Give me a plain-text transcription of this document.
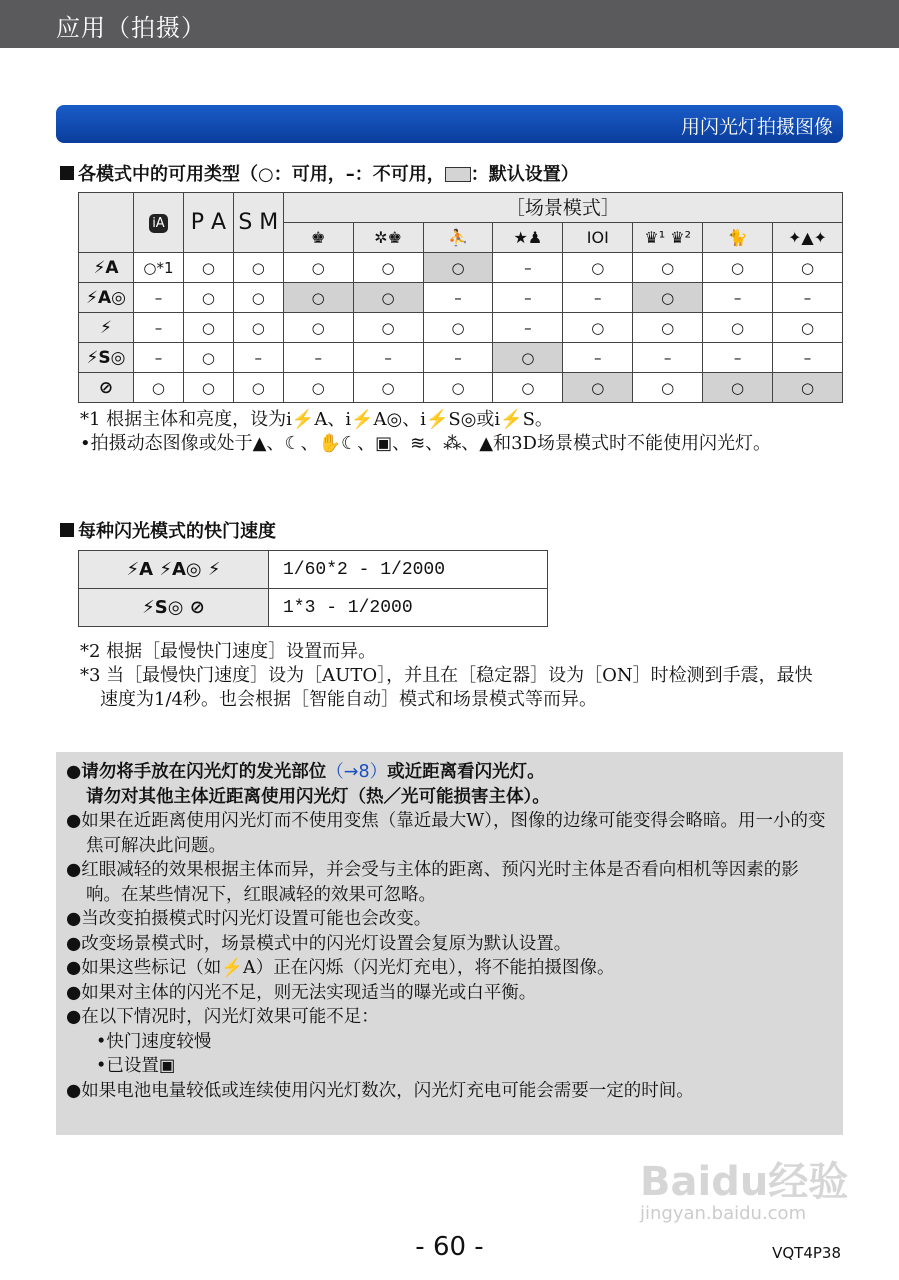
应用（拍摄）
用闪光灯拍摄图像
各模式中的可用类型（○：可用，–：不可用， ：默认设置）
	iA	P A	S M	［场景模式］							
				♚	✲♚	⛹	★♟	ΙΟΙ	♛¹ ♛²	🐈	✦▲✦
⚡A	○*1	○	○	○	○	○	–	○	○	○	○
⚡A◎	–	○	○	○	○	–	–	–	○	–	–
⚡	–	○	○	○	○	○	–	○	○	○	○
⚡S◎	–	○	–	–	–	–	○	–	–	–	–
⊘	○	○	○	○	○	○	○	○	○	○	○
*1 根据主体和亮度，设为i⚡A、i⚡A◎、i⚡S◎或i⚡S。
•拍摄动态图像或处于▲、☾、✋☾、▣、≋、⁂、▲和3D场景模式时不能使用闪光灯。
每种闪光模式的快门速度
⚡A ⚡A◎ ⚡	1/60*2 - 1/2000
⚡S◎ ⊘	1*3 - 1/2000
*2 根据［最慢快门速度］设置而异。
*3 当［最慢快门速度］设为［AUTO］，并且在［稳定器］设为［ON］时检测到手震，最快速度为1/4秒。也会根据［智能自动］模式和场景模式等而异。
●请勿将手放在闪光灯的发光部位（→8）或近距离看闪光灯。
请勿对其他主体近距离使用闪光灯（热／光可能损害主体）。
●如果在近距离使用闪光灯而不使用变焦（靠近最大W），图像的边缘可能变得会略暗。用一小的变焦可解决此问题。
●红眼减轻的效果根据主体而异，并会受与主体的距离、预闪光时主体是否看向相机等因素的影响。在某些情况下，红眼减轻的效果可忽略。
●当改变拍摄模式时闪光灯设置可能也会改变。
●改变场景模式时，场景模式中的闪光灯设置会复原为默认设置。
●如果这些标记（如⚡A）正在闪烁（闪光灯充电），将不能拍摄图像。
●如果对主体的闪光不足，则无法实现适当的曝光或白平衡。
●在以下情况时，闪光灯效果可能不足：
•快门速度较慢
•已设置▣
●如果电池电量较低或连续使用闪光灯数次，闪光灯充电可能会需要一定的时间。
Baidu经验
jingyan.baidu.com
- 60 -	VQT4P38
